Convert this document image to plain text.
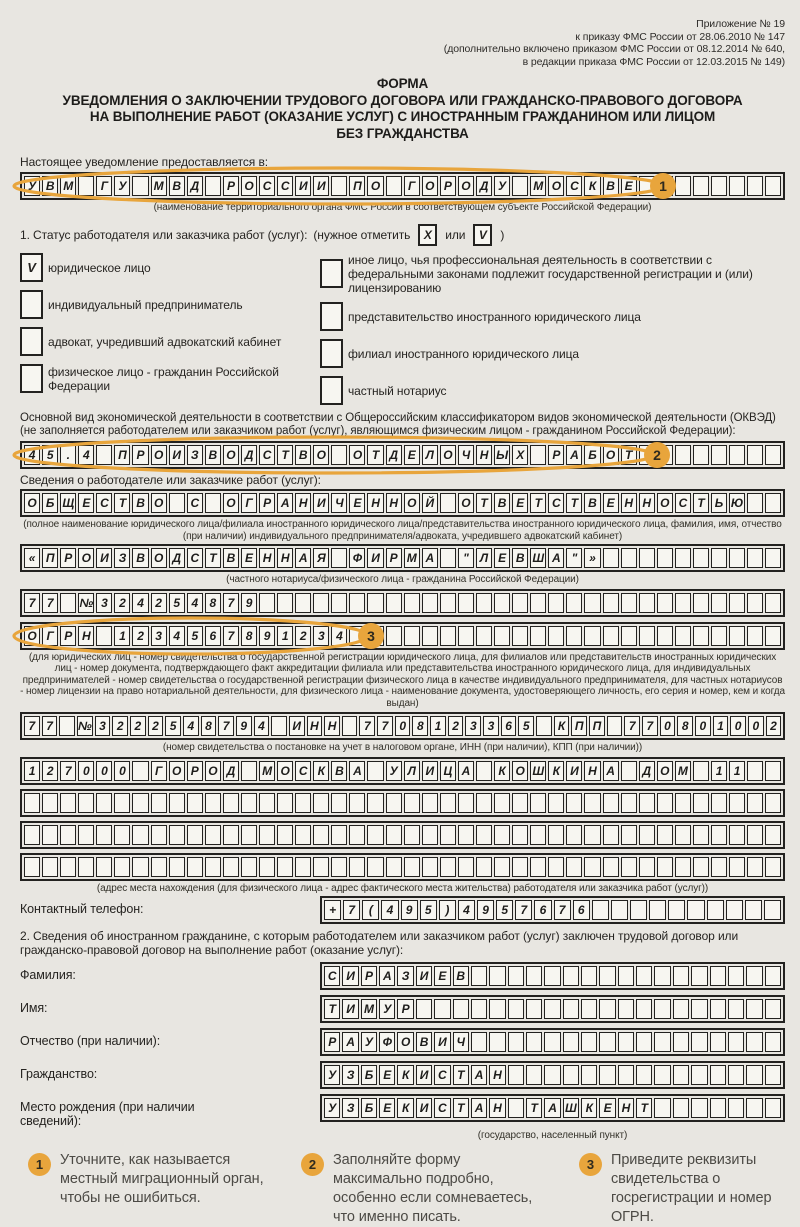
Приложение № 19
к приказу ФМС России от 28.06.2010 № 147
(дополнительно включено приказом ФМС России от 08.12.2014 № 640,
в редакции приказа ФМС России от 12.03.2015 № 149)
ФОРМА
УВЕДОМЛЕНИЯ О ЗАКЛЮЧЕНИИ ТРУДОВОГО ДОГОВОРА ИЛИ ГРАЖДАНСКО-ПРАВОВОГО ДОГОВОРА
НА ВЫПОЛНЕНИЕ РАБОТ (ОКАЗАНИЕ УСЛУГ) С ИНОСТРАННЫМ ГРАЖДАНИНОМ ИЛИ ЛИЦОМ
БЕЗ ГРАЖДАНСТВА
Настоящее уведомление предоставляется в:
У В М	Г У	М В Д	Р О С С И И	П О	Г О Р О Д У	М О С К В Е	1
(наименование территориального органа ФМС России в соответствующем субъекте Российской Федерации)
1. Статус работодателя или заказчика работ (услуг): (нужное отметить	X	или	V	)
V	юридическое лицо
индивидуальный предприниматель
адвокат, учредивший адвокатский кабинет
физическое лицо - гражданин Российской Федерации
иное лицо, чья профессиональная деятельность в соответствии с федеральными законами подлежит государственной регистрации и (или) лицензированию
представительство иностранного юридического лица
филиал иностранного юридического лица
частный нотариус
Основной вид экономической деятельности в соответствии с Общероссийским классификатором видов экономической деятельности (ОКВЭД)
(не заполняется работодателем или заказчиком работ (услуг), являющимся физическим лицом - гражданином Российской Федерации):
4 5	.	4	П Р О И З В О Д С Т В О О Т Д Е Л О Ч Н Ы Х	Р А Б О Т	2
Сведения о работодателе или заказчике работ (услуг):
О Б Щ Е С Т В О	С	О Г Р А Н И Ч Е Н Н О Й	О Т В Е Т С Т В Е Н Н О С Т Ь Ю
(полное наименование юридического лица/филиала иностранного юридического лица/представительства иностранного юридического лица, фамилия, имя, отчество (при наличии) индивидуального предпринимателя/адвоката, учредившего адвокатский кабинет)
« П Р О И З В О Д С Т В Е Н Н А Я	Ф И Р М А	" Л Е В Ш А "	»
(частного нотариуса/физического лица - гражданина Российской Федерации)
7 7	№ 3 2 4 2 5 4 8 7 9
О Г Р Н	1 2 3 4 5 6 7 8 9 1 2 3 4	3
(для юридических лиц - номер свидетельства о государственной регистрации юридического лица, для филиалов или представительств иностранных юридических лиц - номер документа, подтверждающего факт аккредитации филиала или представительства иностранного юридического лица, для индивидуальных предпринимателей - номер свидетельства о государственной регистрации физического лица в качестве индивидуального предпринимателя, для частных нотариусов - номер лицензии на право нотариальной деятельности, для физического лица - наименование документа, удостоверяющего личность, его серия и номер, кем и когда выдан)
7 7	№ 3 2 2 2 5 4 8 7 9 4	И Н Н	7 7 0 8 1 2 3 3 6 5	К П П	7 7 0 8 0 1 0 0 2
(номер свидетельства о постановке на учет в налоговом органе, ИНН (при наличии), КПП (при наличии))
1 2 7 0 0 0	Г О Р О Д	М О С К В А	У Л И Ц А	К О Ш К И Н А	Д О М	1 1
(адрес места нахождения (для физического лица - адрес фактического места жительства) работодателя или заказчика работ (услуг))
Контактный телефон:	+	7	(	4	9	5	)	4	9	5	7	6	7	6
2. Сведения об иностранном гражданине, с которым работодателем или заказчиком работ (услуг) заключен трудовой договор или гражданско-правовой договор на выполнение работ (оказание услуг):
Фамилия:	С И Р А З И Е В
Имя:	Т И М У Р
Отчество (при наличии):	Р А У Ф О В И Ч
Гражданство:	У З Б Е К И С Т А Н
Место рождения (при наличии сведений):
У З Б Е К И С Т А Н	Т А Ш К Е Н Т
(государство, населенный пункт)
1	Уточните, как называется местный миграционный орган, чтобы не ошибиться.
2	Заполняйте форму максимально подробно, особенно если сомневаетесь, что именно писать.
3	Приведите реквизиты свидетельства о госрегистрации и номер ОГРН.
